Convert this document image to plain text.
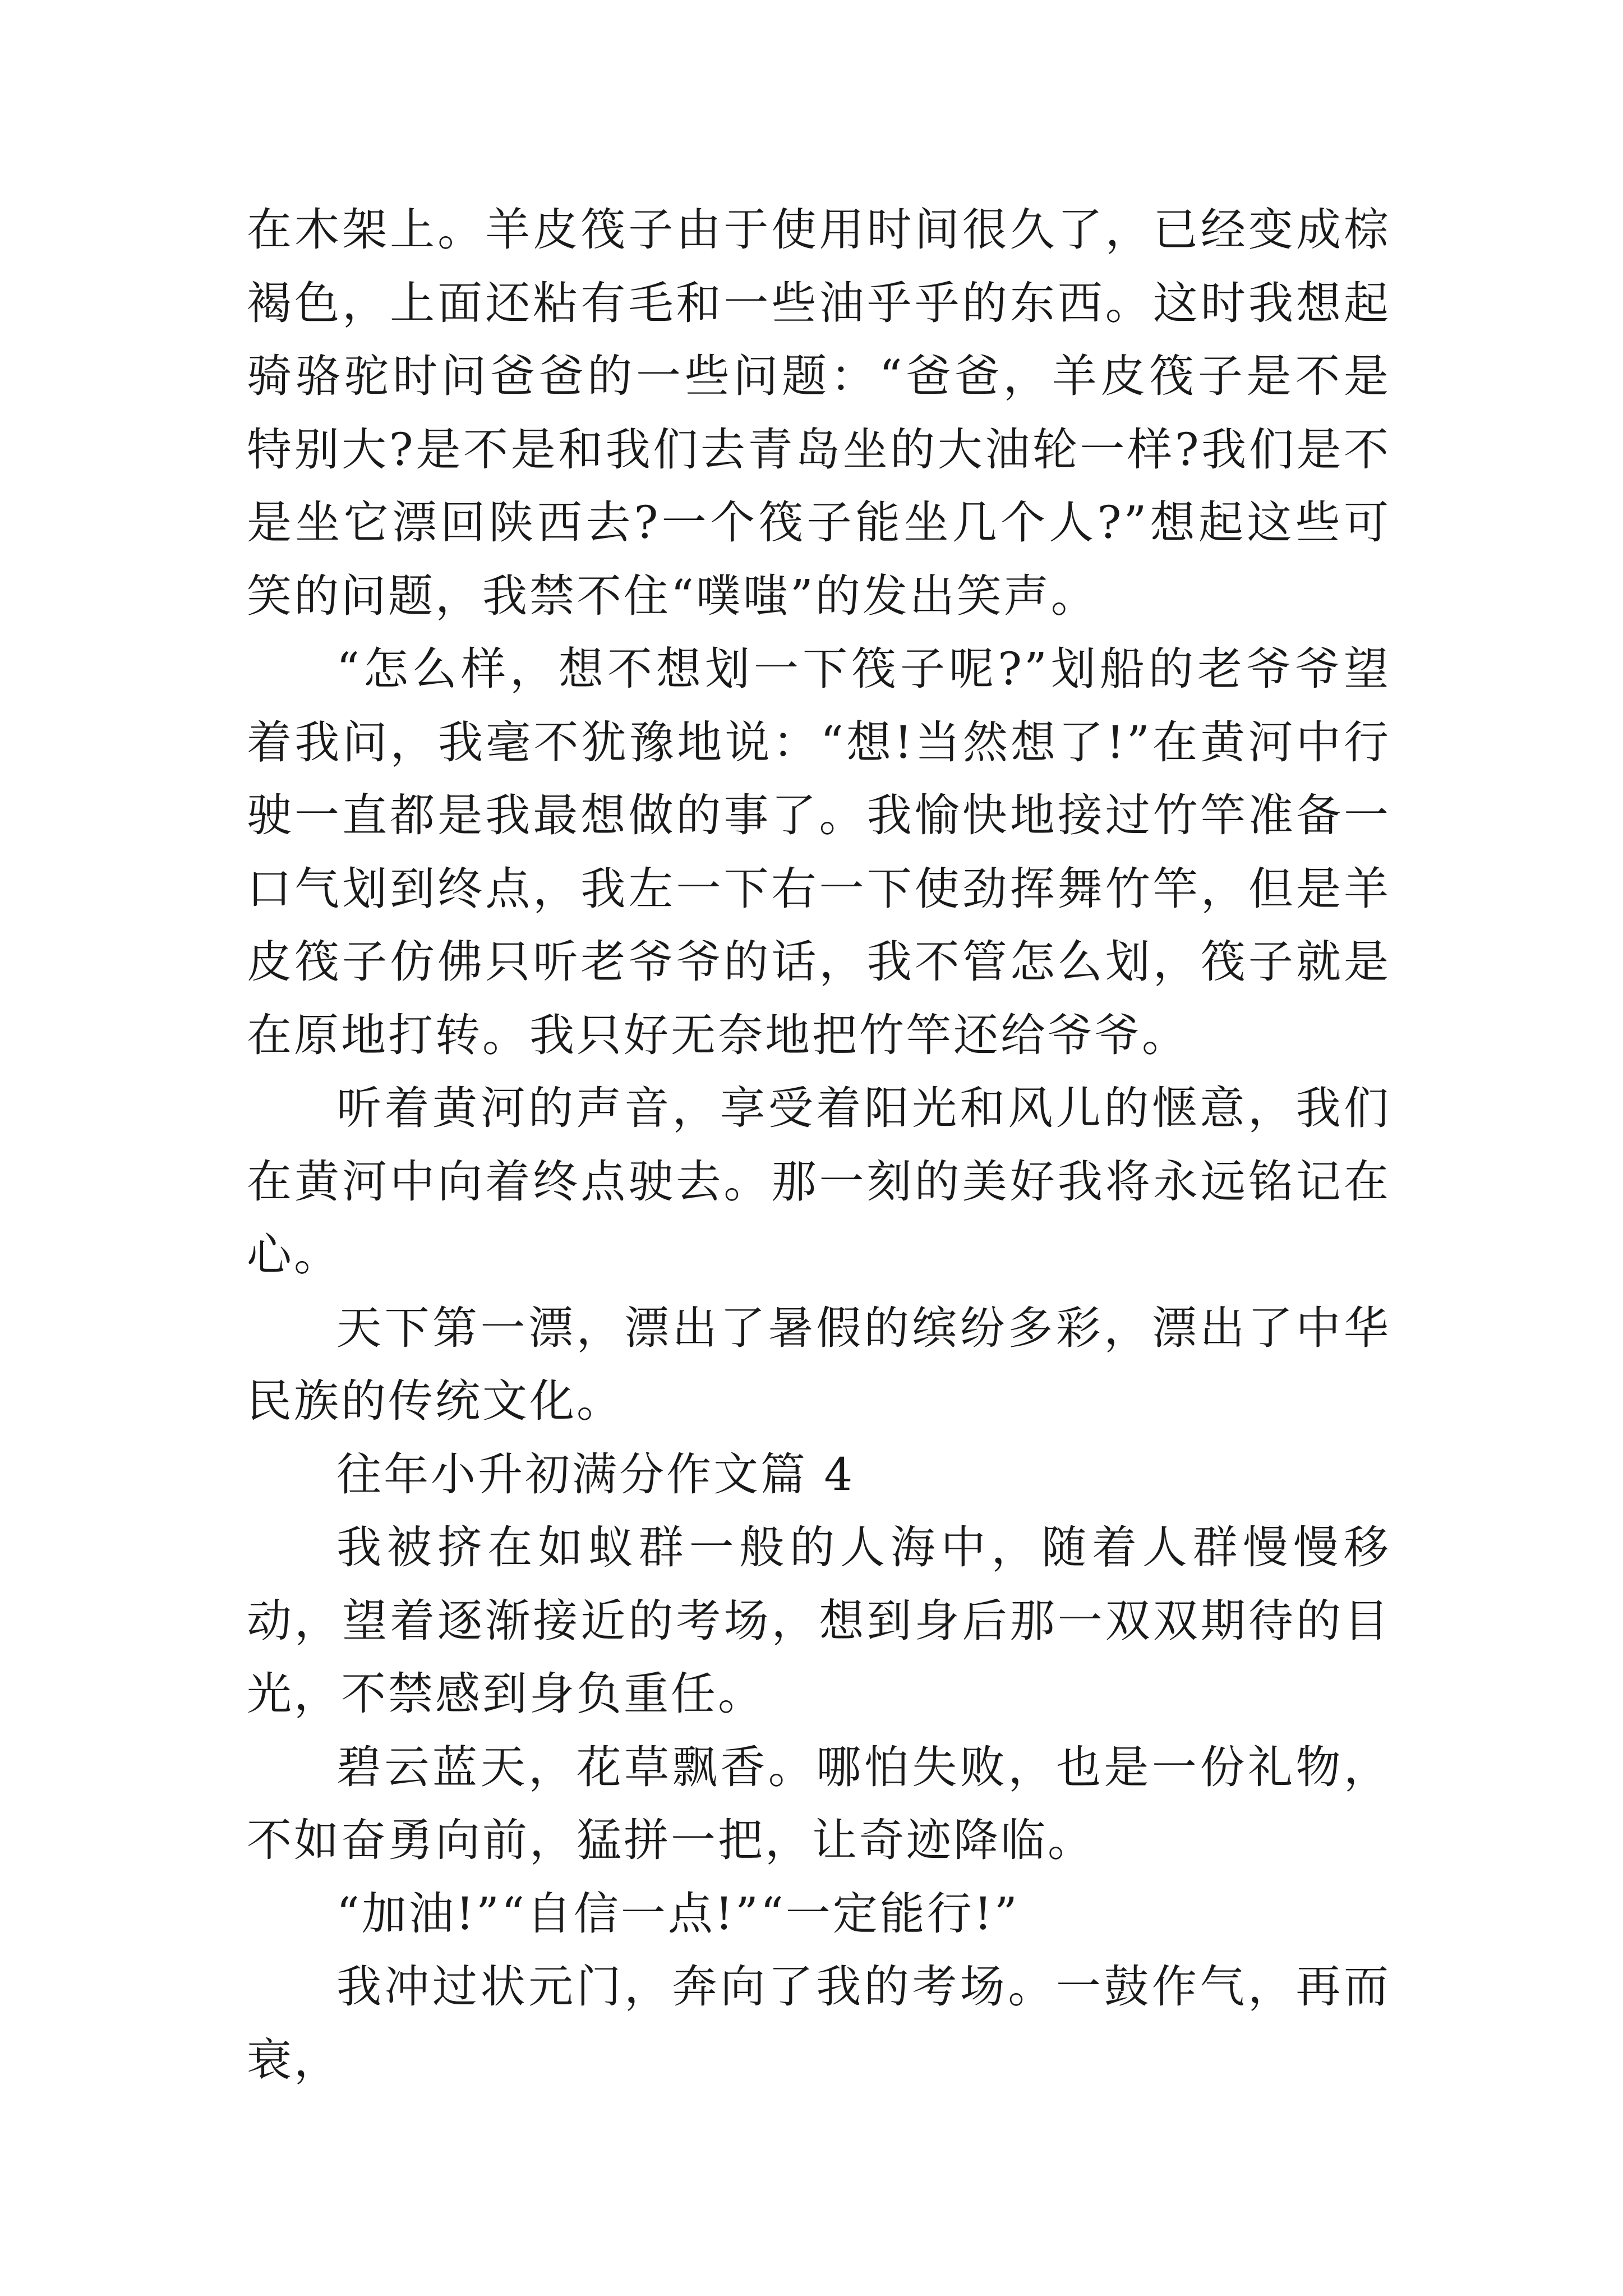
在木架上。羊皮筏子由于使用时间很久了，已经变成棕褐色，上面还粘有毛和一些油乎乎的东西。这时我想起骑骆驼时问爸爸的一些问题：“爸爸，羊皮筏子是不是特别大?是不是和我们去青岛坐的大油轮一样?我们是不是坐它漂回陕西去?一个筏子能坐几个人?”想起这些可笑的问题，我禁不住“噗嗤”的发出笑声。

“怎么样，想不想划一下筏子呢?”划船的老爷爷望着我问，我毫不犹豫地说：“想!当然想了!”在黄河中行驶一直都是我最想做的事了。我愉快地接过竹竿准备一口气划到终点，我左一下右一下使劲挥舞竹竿，但是羊皮筏子仿佛只听老爷爷的话，我不管怎么划，筏子就是在原地打转。我只好无奈地把竹竿还给爷爷。

听着黄河的声音，享受着阳光和风儿的惬意，我们在黄河中向着终点驶去。那一刻的美好我将永远铭记在心。

天下第一漂，漂出了暑假的缤纷多彩，漂出了中华民族的传统文化。

往年小升初满分作文篇 4

我被挤在如蚁群一般的人海中，随着人群慢慢移动，望着逐渐接近的考场，想到身后那一双双期待的目光，不禁感到身负重任。

碧云蓝天，花草飘香。哪怕失败，也是一份礼物，不如奋勇向前，猛拼一把，让奇迹降临。

“加油!”“自信一点!”“一定能行!”

我冲过状元门，奔向了我的考场。一鼓作气，再而衰，
